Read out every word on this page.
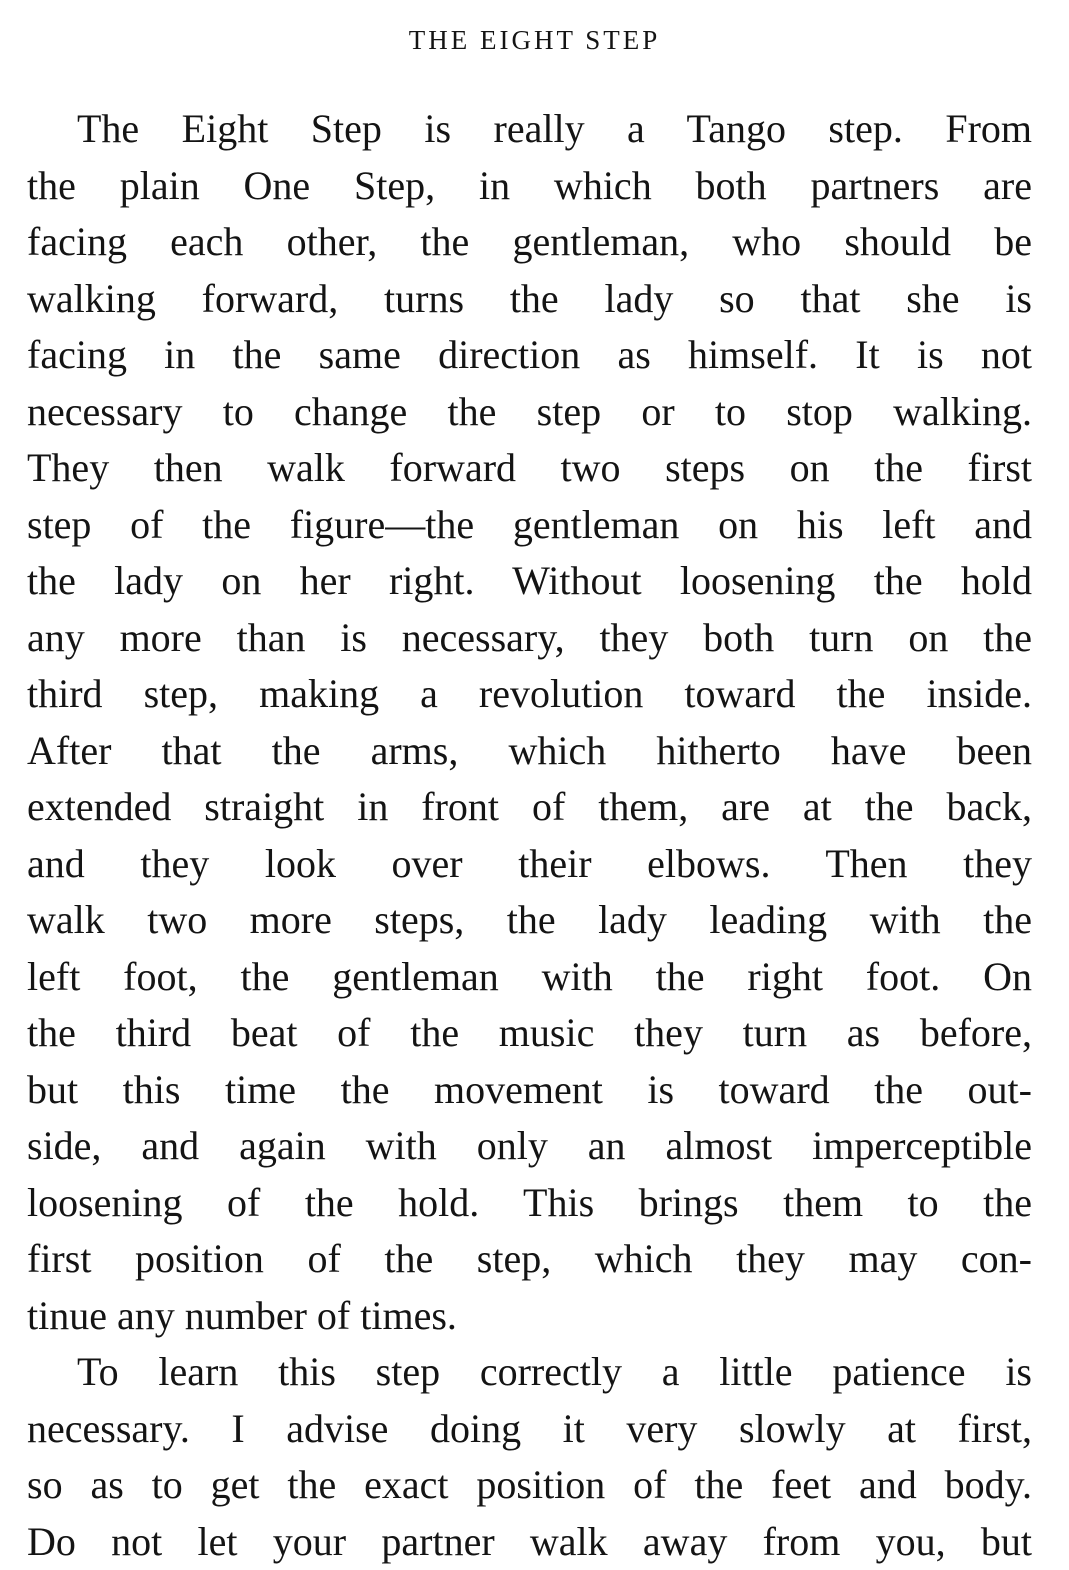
THE EIGHT STEP
The Eight Step is really a Tango step. From
the plain One Step, in which both partners are
facing each other, the gentleman, who should be
walking forward, turns the lady so that she is
facing in the same direction as himself. It is not
necessary to change the step or to stop walking.
They then walk forward two steps on the first
step of the figure—the gentleman on his left and
the lady on her right. Without loosening the hold
any more than is necessary, they both turn on the
third step, making a revolution toward the inside.
After that the arms, which hitherto have been
extended straight in front of them, are at the back,
and they look over their elbows. Then they
walk two more steps, the lady leading with the
left foot, the gentleman with the right foot. On
the third beat of the music they turn as before,
but this time the movement is toward the out-
side, and again with only an almost imperceptible
loosening of the hold. This brings them to the
first position of the step, which they may con-
tinue any number of times.
To learn this step correctly a little patience is
necessary. I advise doing it very slowly at first,
so as to get the exact position of the feet and body.
Do not let your partner walk away from you, but
